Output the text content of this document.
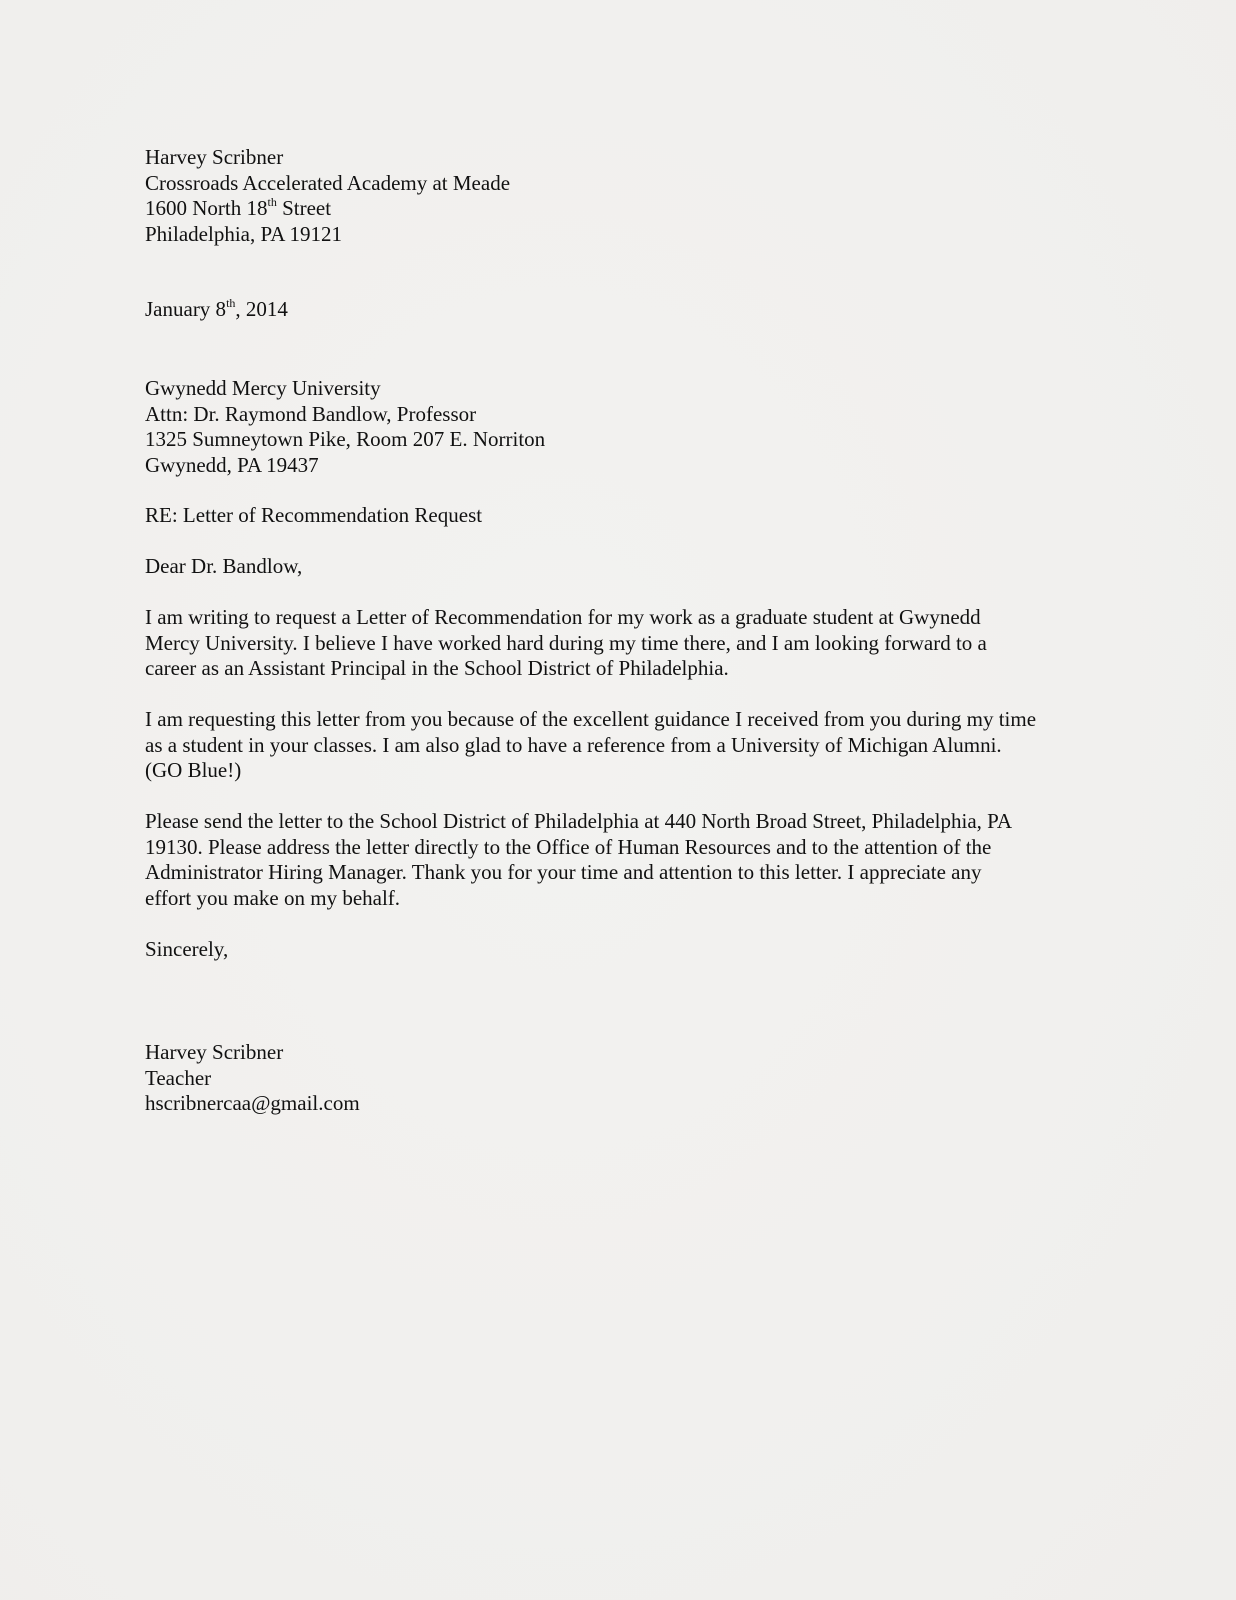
Harvey Scribner
Crossroads Accelerated Academy at Meade
1600 North 18th Street
Philadelphia, PA 19121
January 8th, 2014
Gwynedd Mercy University
Attn: Dr. Raymond Bandlow, Professor
1325 Sumneytown Pike, Room 207 E. Norriton
Gwynedd, PA 19437
RE: Letter of Recommendation Request
Dear Dr. Bandlow,
I am writing to request a Letter of Recommendation for my work as a graduate student at Gwynedd
Mercy University. I believe I have worked hard during my time there, and I am looking forward to a
career as an Assistant Principal in the School District of Philadelphia.
I am requesting this letter from you because of the excellent guidance I received from you during my time
as a student in your classes. I am also glad to have a reference from a University of Michigan Alumni.
(GO Blue!)
Please send the letter to the School District of Philadelphia at 440 North Broad Street, Philadelphia, PA
19130. Please address the letter directly to the Office of Human Resources and to the attention of the
Administrator Hiring Manager. Thank you for your time and attention to this letter. I appreciate any
effort you make on my behalf.
Sincerely,
Harvey Scribner
Teacher
hscribnercaa@gmail.com
